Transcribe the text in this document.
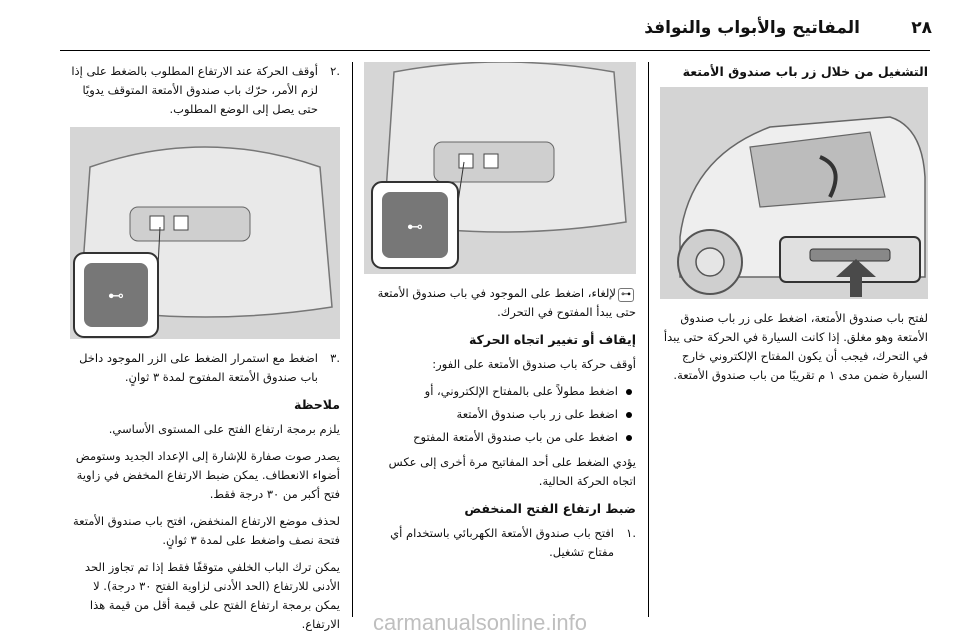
٢٨
المفاتيح والأبواب والنوافذ
التشغيل من خلال زر باب صندوق الأمتعة

لفتح باب صندوق الأمتعة، اضغط على زر باب صندوق الأمتعة وهو مغلق. إذا كانت السيارة في الحركة حتى يبدأ في التحرك، فيجب أن يكون المفتاح الإلكتروني خارج السيارة ضمن مدى ١ م تقريبًا من باب صندوق الأمتعة.

⊶

⊶لإلغاء، اضغط على الموجود في باب صندوق الأمتعة حتى يبدأ المفتوح في التحرك.

إيقاف أو تغيير اتجاه الحركة

أوقف حركة باب صندوق الأمتعة على الفور:

اضغط مطولاً على بالمفتاح الإلكتروني، أو
اضغط على زر باب صندوق الأمتعة
اضغط على من باب صندوق الأمتعة المفتوح

يؤدي الضغط على أحد المفاتيح مرة أخرى إلى عكس اتجاه الحركة الحالية.

ضبط ارتفاع الفتح المنخفض
.١
افتح باب صندوق الأمتعة الكهربائي باستخدام أي مفتاح تشغيل.
.٢
أوقف الحركة عند الارتفاع المطلوب بالضغط على إذا لزم الأمر، حرّك باب صندوق الأمتعة المتوقف يدويًا حتى يصل إلى الوضع المطلوب.
⊶
.٣
اضغط مع استمرار الضغط على الزر الموجود داخل باب صندوق الأمتعة المفتوح لمدة ٣ ثوانٍ.
ملاحظة

يلزم برمجة ارتفاع الفتح على المستوى الأساسي.

يصدر صوت صفارة للإشارة إلى الإعداد الجديد وستومض أضواء الانعطاف. يمكن ضبط الارتفاع المخفض في زاوية فتح أكبر من ٣٠ درجة فقط.

لحذف موضع الارتفاع المنخفض، افتح باب صندوق الأمتعة فتحة نصف واضغط على لمدة ٣ ثوانٍ.

يمكن ترك الباب الخلفي متوقفًا فقط إذا تم تجاوز الحد الأدنى للارتفاع (الحد الأدنى لزاوية الفتح ٣٠ درجة). لا يمكن برمجة ارتفاع الفتح على قيمة أقل من قيمة هذا الارتفاع.	carmanualsonline.info
